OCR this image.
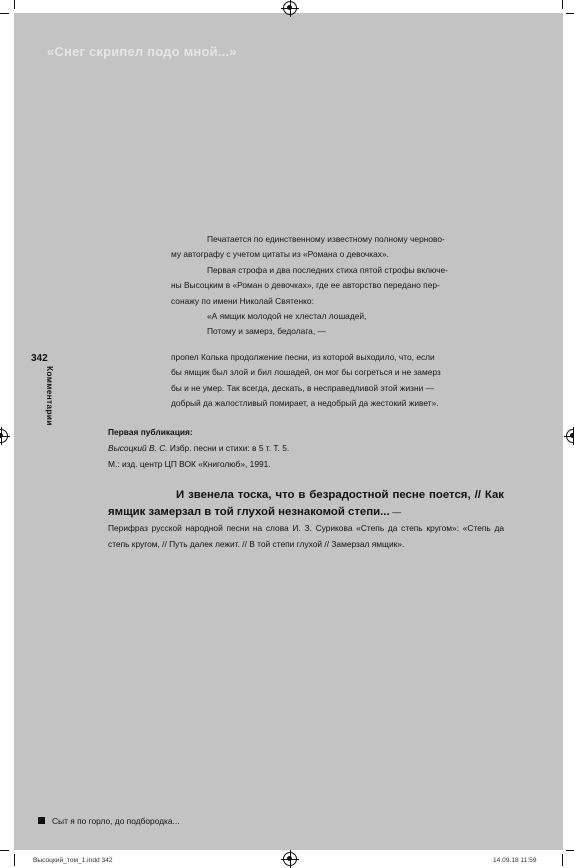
«Снег скрипел подо мной...»

Печатается по единственному известному полному черново-

му автографу с учетом цитаты из «Романа о девочках».

Первая строфа и два последних стиха пятой строфы включе-

ны Высоцким в «Роман о девочках», где ее авторство передано пер-

сонажу по имени Николай Святенко:

«А ямщик молодой не хлестал лошадей,

Потому и замерз, бедолага, —

пропел Колька продолжение песни, из которой выходило, что, если

бы ямщик был злой и бил лошадей, он мог бы согреться и не замерз

бы и не умер. Так всегда, дескать, в несправедливой этой жизни —

добрый да жалостливый помирает, а недобрый да жестокий живет».

342
Комментарии
Первая публикация:
Высоцкий В. С. Избр. песни и стихи: в 5 т. Т. 5.
М.: изд. центр ЦП ВОК «Книголюб», 1991.

И звенела тоска, что в безрадостной песне поется, // Как ямщик замерзал в той глухой незнакомой степи... —

Перифраз русской народной песни на слова И. З. Сурикова «Степь да степь кругом»: «Степь да степь кругом, // Путь далек лежит. // В той степи глухой // Замерзал ямщик».

Сыт я по горло, до подбородка...
Высоцкий_том_1.indd 342	14.09.18 11:59
